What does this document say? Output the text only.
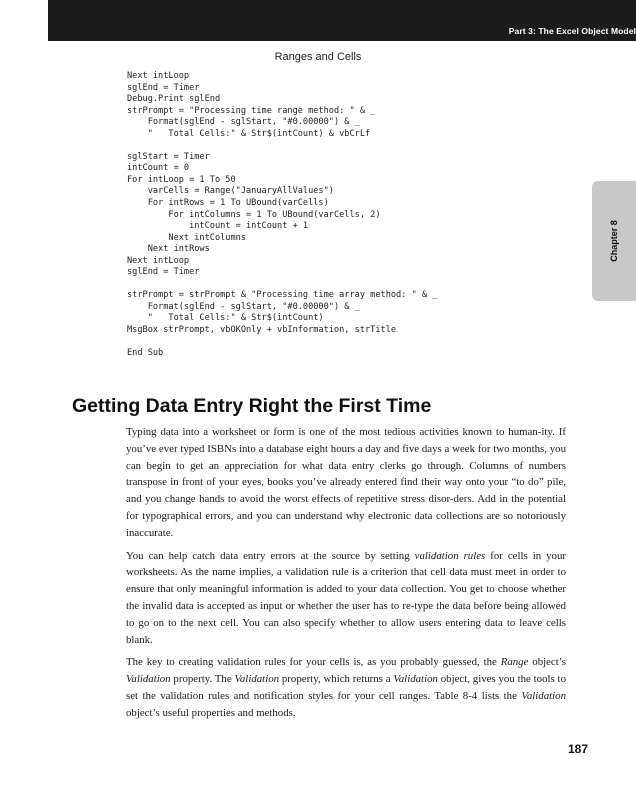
Part 3: The Excel Object Model
Ranges and Cells
Next intLoop
sglEnd = Timer
Debug.Print sglEnd
strPrompt = "Processing time range method: " & _
Format(sglEnd - sglStart, "#0.00000") & _
"   Total Cells:" & Str$(intCount) & vbCrLf

sglStart = Timer
intCount = 0
For intLoop = 1 To 50
varCells = Range("JanuaryAllValues")
For intRows = 1 To UBound(varCells)
For intColumns = 1 To UBound(varCells, 2)
intCount = intCount + 1
Next intColumns
Next intRows
Next intLoop
sglEnd = Timer

strPrompt = strPrompt & "Processing time array method: " & _
Format(sglEnd - sglStart, "#0.00000") & _
"   Total Cells:" & Str$(intCount)
MsgBox strPrompt, vbOKOnly + vbInformation, strTitle

End Sub
Chapter 8
Getting Data Entry Right the First Time

Typing data into a worksheet or form is one of the most tedious activities known to human-ity. If you’ve ever typed ISBNs into a database eight hours a day and five days a week for two months, you can begin to get an appreciation for what data entry clerks go through. Columns of numbers transpose in front of your eyes, books you’ve already entered find their way onto your “to do” pile, and you change hands to avoid the worst effects of repetitive stress disor-ders. Add in the potential for typographical errors, and you can understand why electronic data collections are so notoriously inaccurate.

You can help catch data entry errors at the source by setting validation rules for cells in your worksheets. As the name implies, a validation rule is a criterion that cell data must meet in order to ensure that only meaningful information is added to your data collection. You get to choose whether the invalid data is accepted as input or whether the user has to re-type the data before being allowed to go on to the next cell. You can also specify whether to allow users entering data to leave cells blank.

The key to creating validation rules for your cells is, as you probably guessed, the Range object’s Validation property. The Validation property, which returns a Validation object, gives you the tools to set the validation rules and notification styles for your cell ranges. Table 8-4 lists the Validation object’s useful properties and methods.

187
